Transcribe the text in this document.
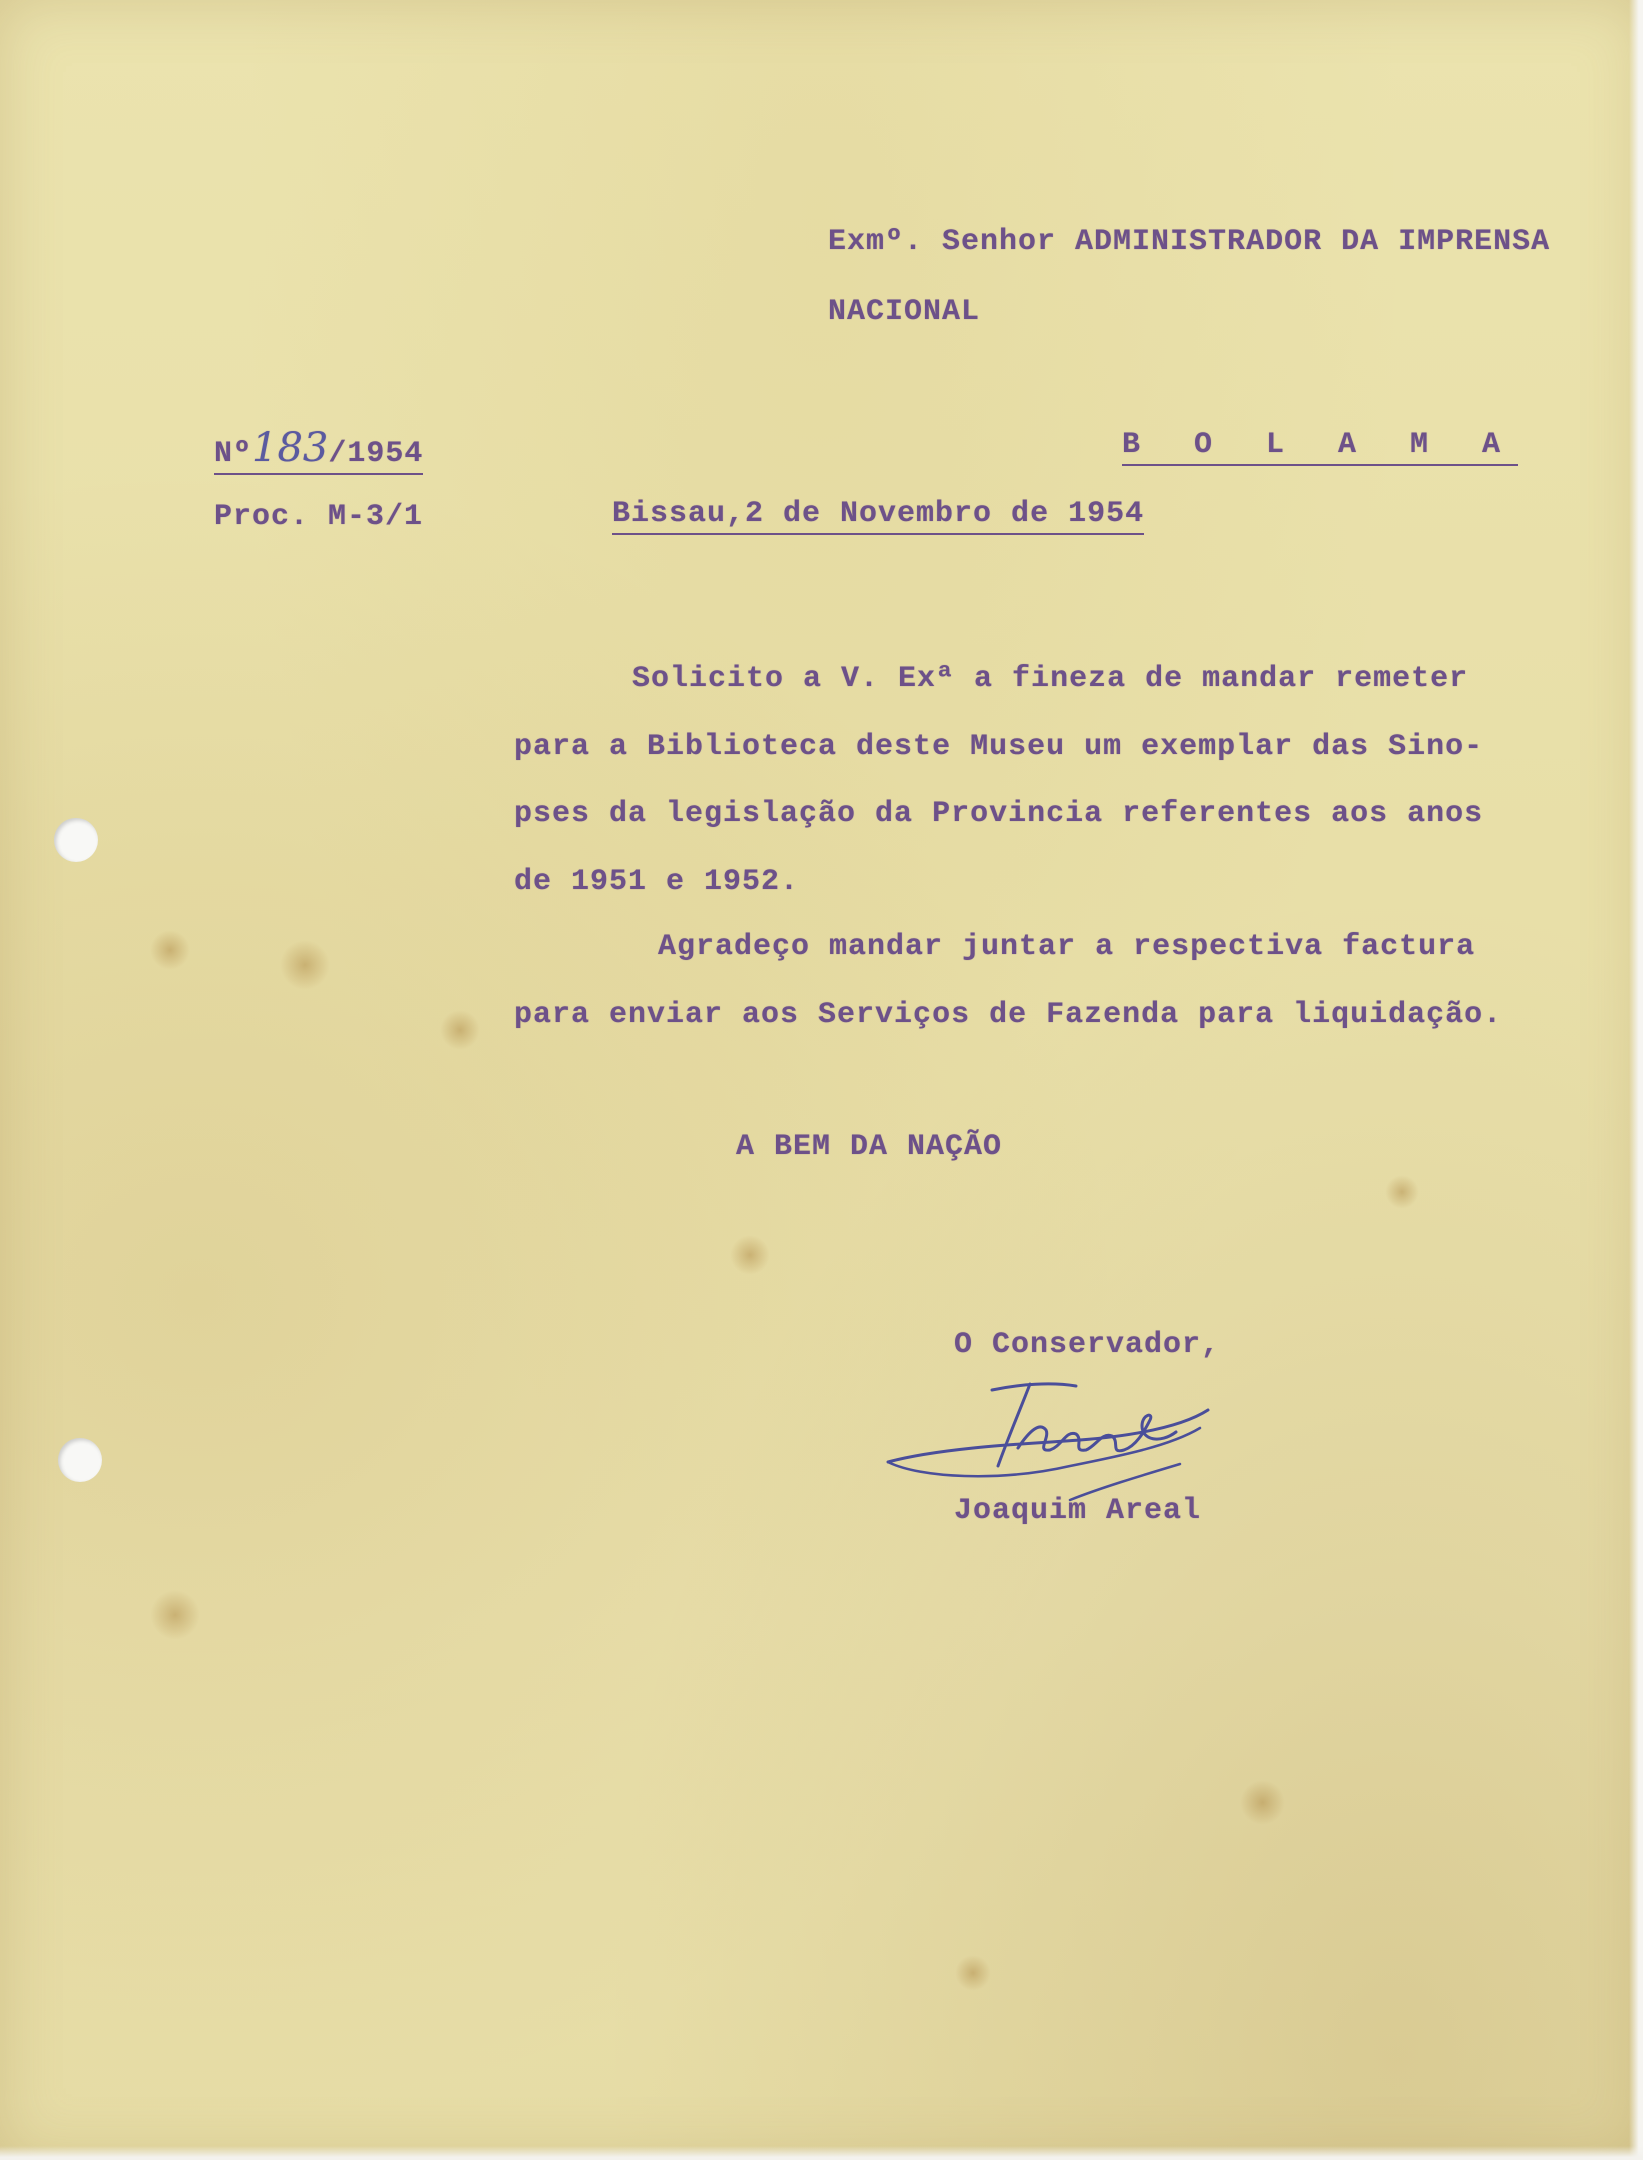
Exmº. Senhor ADMINISTRADOR DA IMPRENSA
NACIONAL
Nº183/1954	B O L A M A
Proc. M-3/1	Bissau,2 de Novembro de 1954
Solicito a V. Exª a fineza de mandar remeter
para a Biblioteca deste Museu um exemplar das Sino-
pses da legislação da Provincia referentes aos anos
de 1951 e 1952.
Agradeço mandar juntar a respectiva factura
para enviar aos Serviços de Fazenda para liquidação.
A BEM DA NAÇÃO
O Conservador,
Joaquim Areal
